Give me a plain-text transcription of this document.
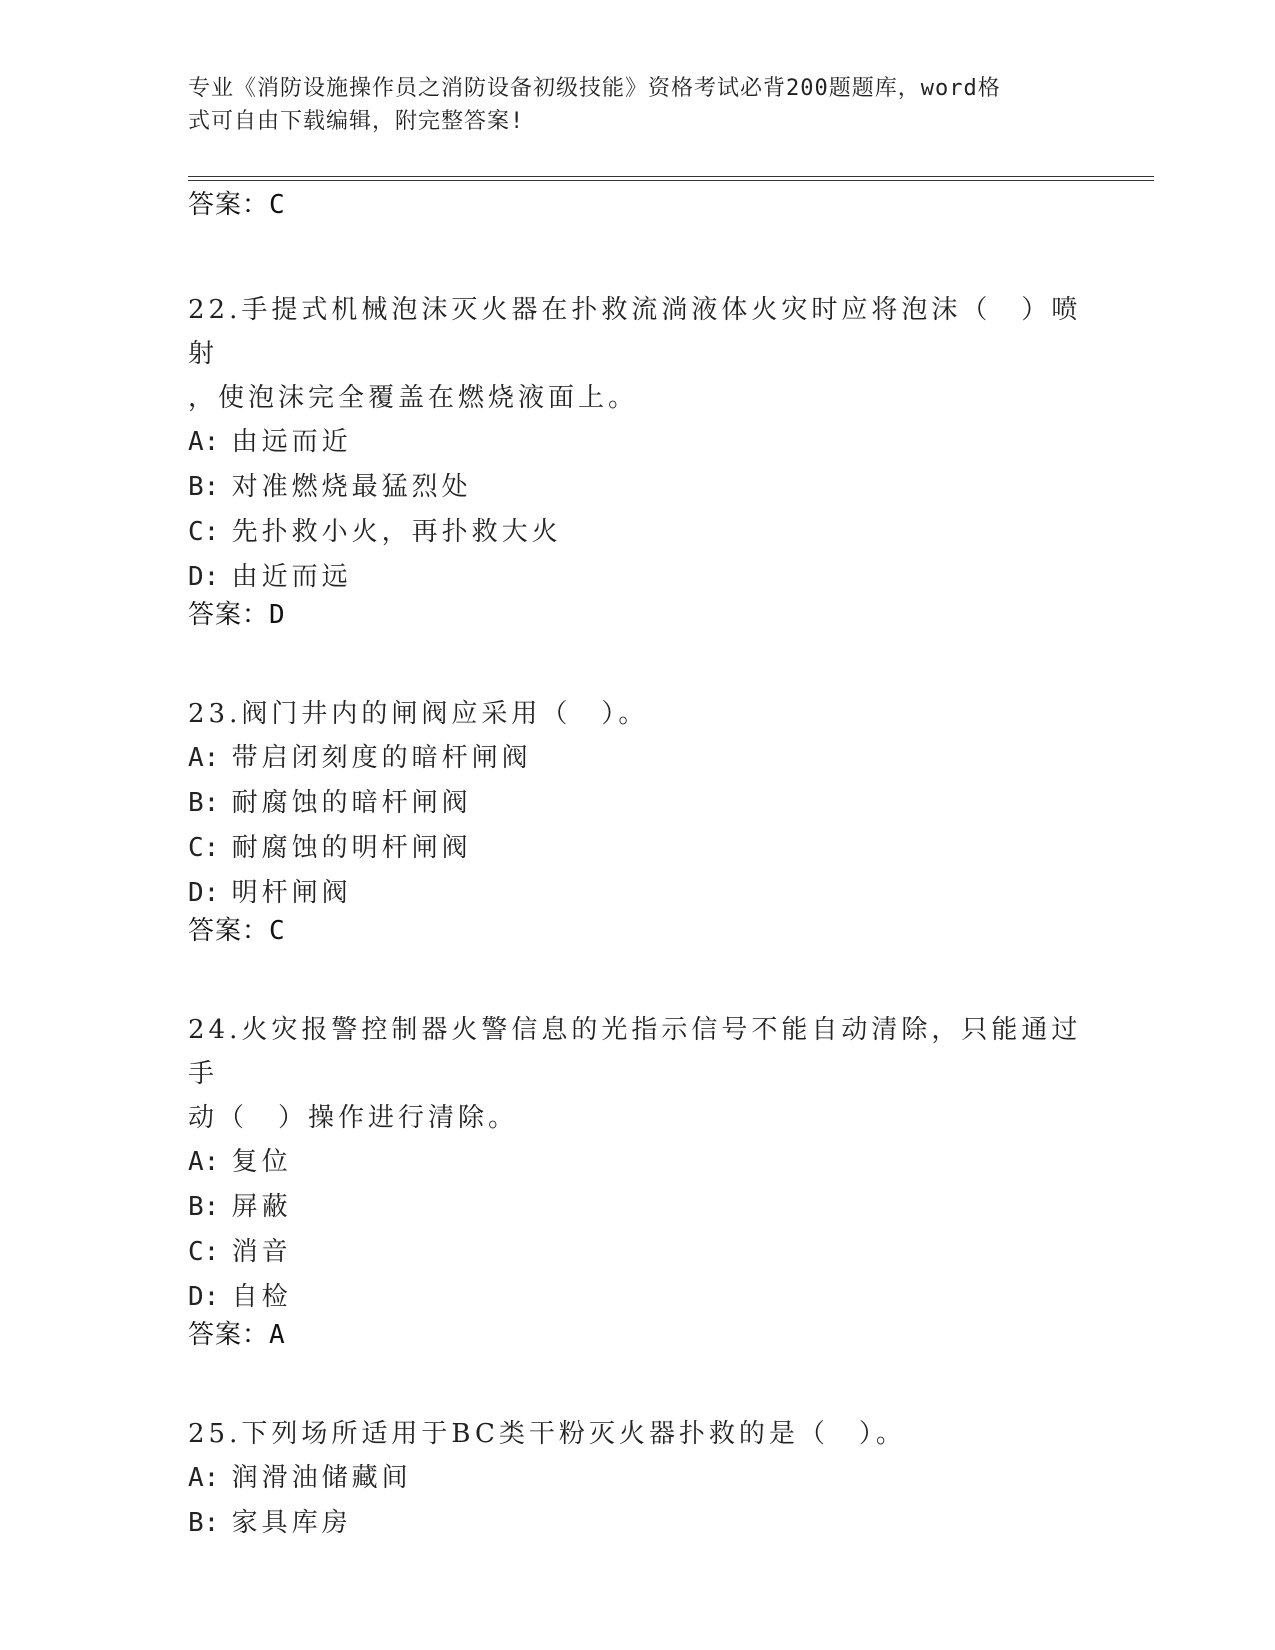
专业《消防设施操作员之消防设备初级技能》资格考试必背200题题库，word格
式可自由下载编辑，附完整答案!
答案：C
22.手提式机械泡沫灭火器在扑救流淌液体火灾时应将泡沫（　）喷射
，使泡沫完全覆盖在燃烧液面上。
A: 由远而近
B: 对准燃烧最猛烈处
C: 先扑救小火，再扑救大火
D: 由近而远
答案：D
23.阀门井内的闸阀应采用（　）。
A: 带启闭刻度的暗杆闸阀
B: 耐腐蚀的暗杆闸阀
C: 耐腐蚀的明杆闸阀
D: 明杆闸阀
答案：C
24.火灾报警控制器火警信息的光指示信号不能自动清除，只能通过手
动（　）操作进行清除。
A: 复位
B: 屏蔽
C: 消音
D: 自检
答案：A
25.下列场所适用于BC类干粉灭火器扑救的是（　）。
A: 润滑油储藏间
B: 家具库房
